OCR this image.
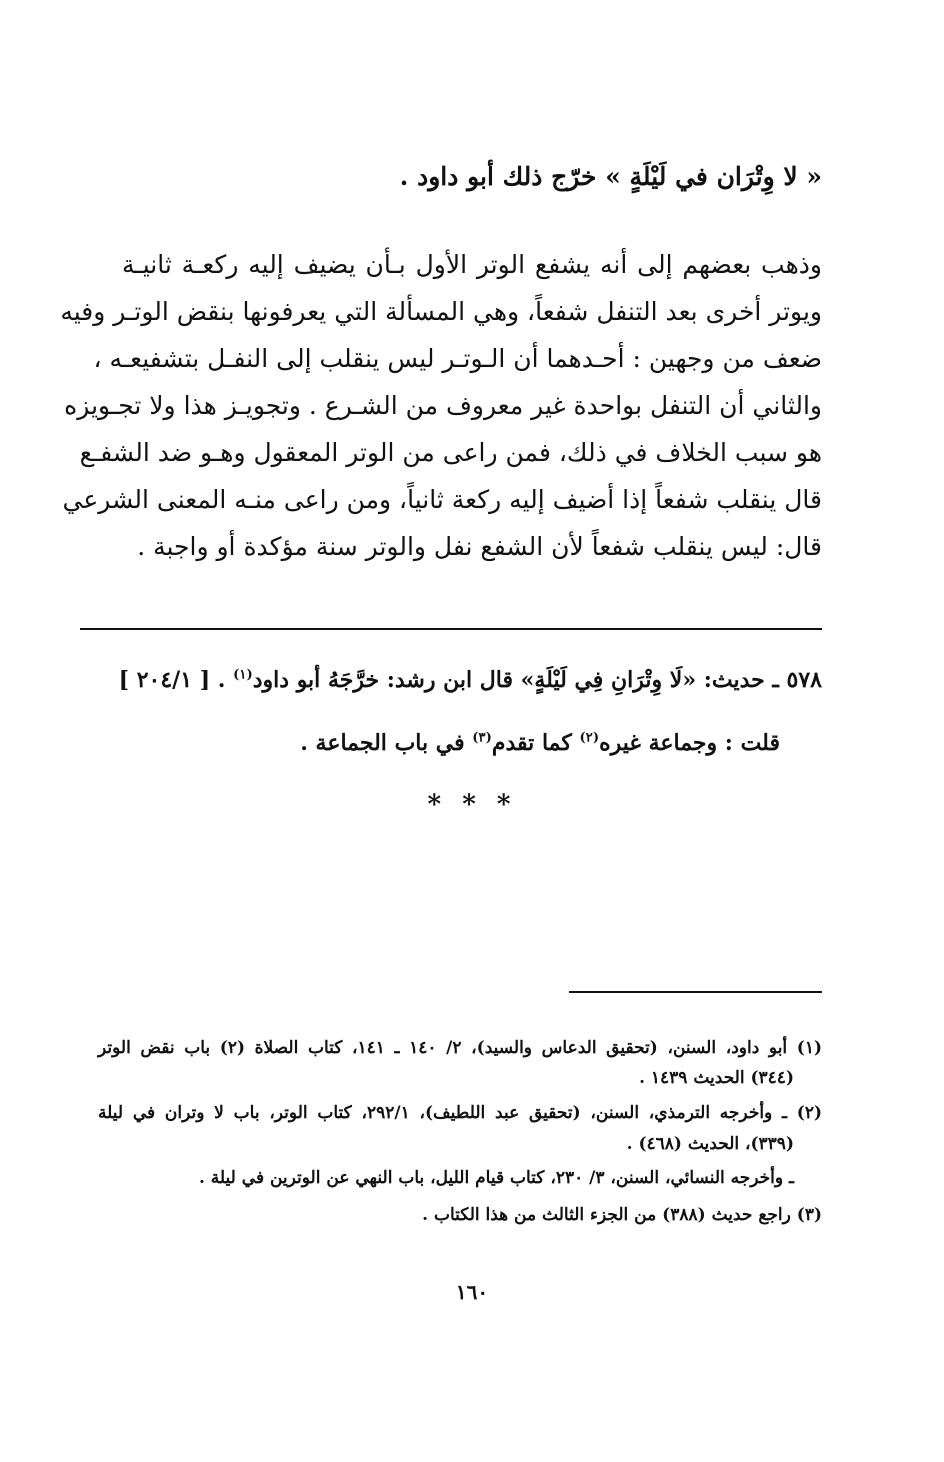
« لا وِتْرَان في لَيْلَةٍ » خرّج ذلك أبو داود .
وذهب بعضهم إلى أنه يشفع الوتر الأول بـأن يضيف إليه ركعـة ثانيـة
ويوتر أخرى بعد التنفل شفعاً، وهي المسألة التي يعرفونها بنقض الوتـر وفيه
ضعف من وجهين : أحـدهما أن الـوتـر ليس ينقلب إلى النفـل بتشفيعـه ،
والثاني أن التنفل بواحدة غير معروف من الشـرع . وتجويـز هذا ولا تجـويزه
هو سبب الخلاف في ذلك، فمن راعى من الوتر المعقول وهـو ضد الشفـع
قال ينقلب شفعاً إذا أضيف إليه ركعة ثانياً، ومن راعى منـه المعنى الشرعي
قال: ليس ينقلب شفعاً لأن الشفع نفل والوتر سنة مؤكدة أو واجبة .
٥٧٨ ـ حديث: «لَا وِتْرَانِ فِي لَيْلَةٍ» قال ابن رشد: خرَّجَهُ أبو داود$^{(١)}$ . [ ٢٠٤/١ ]
قلت : وجماعة غيره$^{(٢)}$ كما تقدم$^{(٣)}$ في باب الجماعة .
* * *
(١) أبو داود، السنن، (تحقيق الدعاس والسيد)، ٢/ ١٤٠ ـ ١٤١، كتاب الصلاة (٢) باب نقض الوتر
(٣٤٤) الحديث ١٤٣٩ .
(٢) ـ وأخرجه الترمذي، السنن، (تحقيق عبد اللطيف)، ٢٩٢/١، كتاب الوتر، باب لا وتران في ليلة
(٣٣٩)، الحديث (٤٦٨) .
ـ وأخرجه النسائي، السنن، ٣/ ٢٣٠، كتاب قيام الليل، باب النهي عن الوترين في ليلة .
(٣) راجع حديث (٣٨٨) من الجزء الثالث من هذا الكتاب .
١٦٠
